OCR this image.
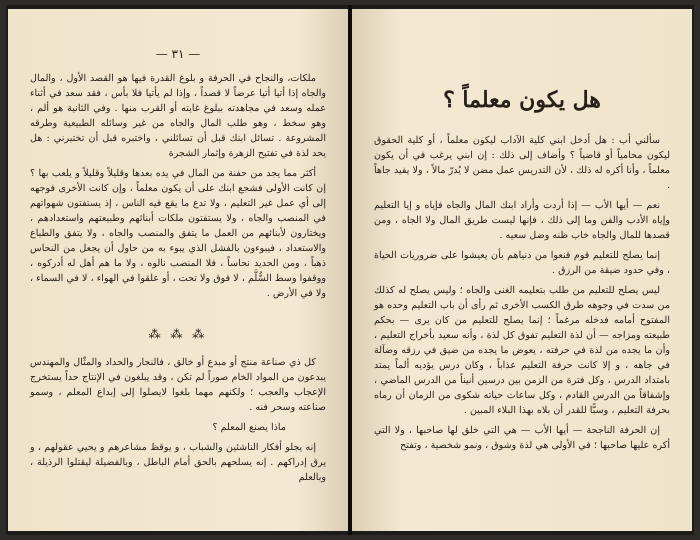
— ٣١ —

ملكات، والنجاح في الحرفة و بلوغ القدرة فيها هو القصد الأول ، والمال والجاه إذا أتيا أتيا عرضاً لا قصداً ، وإذا لم يأتيا فلا بأس ، فقد سعد في أثناء عمله وسعد في مجاهدته ببلوغ غايته أو القرب منها . وفي الثانية هو ألم ، وهو سخط ، وهو طلب المال والجاه من غير وسائله الطبيعية وطرقه المشروعة . تسائل ابنك قبل أن تسائلني ، واختبره قبل أن تختبرني : هل يحد لذة في تفتيح الزهرة وإثمار الشجرة

أكثر مما يجد من حفنة من المال في يده بعدها وقليلاً وقليلاً و يلعب بها ؟ إن كانت الأولى فشجع ابنك على أن يكون معلماً ، وإن كانت الأخرى فوجهه إلى أي عمل غير التعليم ، ولا تدع ما يقع فيه الناس ، إذ يستفتون شهواتهم في المنصب والجاه ، ولا يستفتون ملكات أبنائهم وطبيعتهم واستعدادهم ، ويختارون لأبنائهم من العمل ما يتفق والمنصب والجاه ، ولا يتفق والطباع والاستعداد ، فيبوءون بالفشل الذي يبوء به من حاول أن يجعل من النحاس ذهباً ، ومن الحديد نحاساً ، فلا المنصب نالوه ، ولا ما هم أهل له أدركوه ، ووقفوا وسط السُّلَّم ، لا فوق ولا تحت ، أو علقوا في الهواء ، لا في السماء ، ولا في الأرض .

⁂ ⁂ ⁂

كل ذي صناعة منتج أو مبدع أو خالق ، فالنجار والحداد والمثّال والمهندس يبدعون من المواد الخام صوراً لم تكن ، وقد يبلغون في الإنتاج حداً يستخرج الإعجاب والعجب ؛ ولكنهم مهما بلغوا لايصلوا إلى إبداع المعلم ، وسمو صناعته وسحر فنه .

ماذا يصنع المعلم ؟

إنه يجلو أفكار الناشئين والشباب ، و يوقظ مشاعرهم و يحيي عقولهم ، و يرق إدراكهم . إنه يسلحهم بالحق أمام الباطل ، وبالفضيلة ليقتلوا الرذيلة ، وبالعلم

هل يكون معلماً ؟

سألني أب : هل أدخل ابني كلية الآداب ليكون معلماً ، أو كلية الحقوق ليكون محامياً أو قاضياً ؟ وأضاف إلى ذلك : إن ابني يرغب في أن يكون معلماً ، وأنا أكره له ذلك ، لأن التدريس عمل مضن لا يُدرّ مالاً ، ولا يفيد جاهاً .

نعم — أيها الأب — إذا أردت وأراد ابنك المال والجاه فإياه و إيا التعليم وإياه الأدب والفن وما إلى ذلك ، فإنها ليست طريق المال ولا الجاه ، ومن قصدها للمال والجاه خاب ظنه وضل سعيه .

إنما يصلح للتعليم قوم قنعوا من دنياهم بأن يعيشوا على ضروريات الحياة ، وفي حدود ضيقة من الرزق .

ليس يصلح للتعليم من طلب بتعليمه الغنى والجاه ؛ وليس يصلح له كذلك من سدت في وجوهه طرق الكسب الأخرى ثم رأى أن باب التعليم وحده هو المفتوح أمامه فدخله مرغماً ؛ إنما يصلح للتعليم من كان يرى — بحكم طبيعته ومزاجه — أن لذة التعليم تفوق كل لذة ، وأنه سعيد بأخراج التعليم ، وأن ما يجده من لذة في حرفته ، يعوض ما يجده من ضيق في رزقه وضآلة في جاهه ، و إلا كانت حرفة التعليم عذاباً ، وكان درس يؤديه ألماً يمتد بامتداد الدرس ، وكل فترة من الزمن بين درسين أنيناً من الدرس الماضي ، وإشفاقاً من الدرس القادم ، وكل ساعات حياته شكوى من الزمان أن رماه بحرفة التعليم ، وسبًّا للقدر أن بلاه بهذا البلاء المبين .

إن الحرفة الناجحة — أيها الأب — هي التي خلق لها صاحبها ، ولا التي أكره عليها صاحبها ؛ في الأولى هي لذة وشوق ، ونمو شخصية ، وتفتح
